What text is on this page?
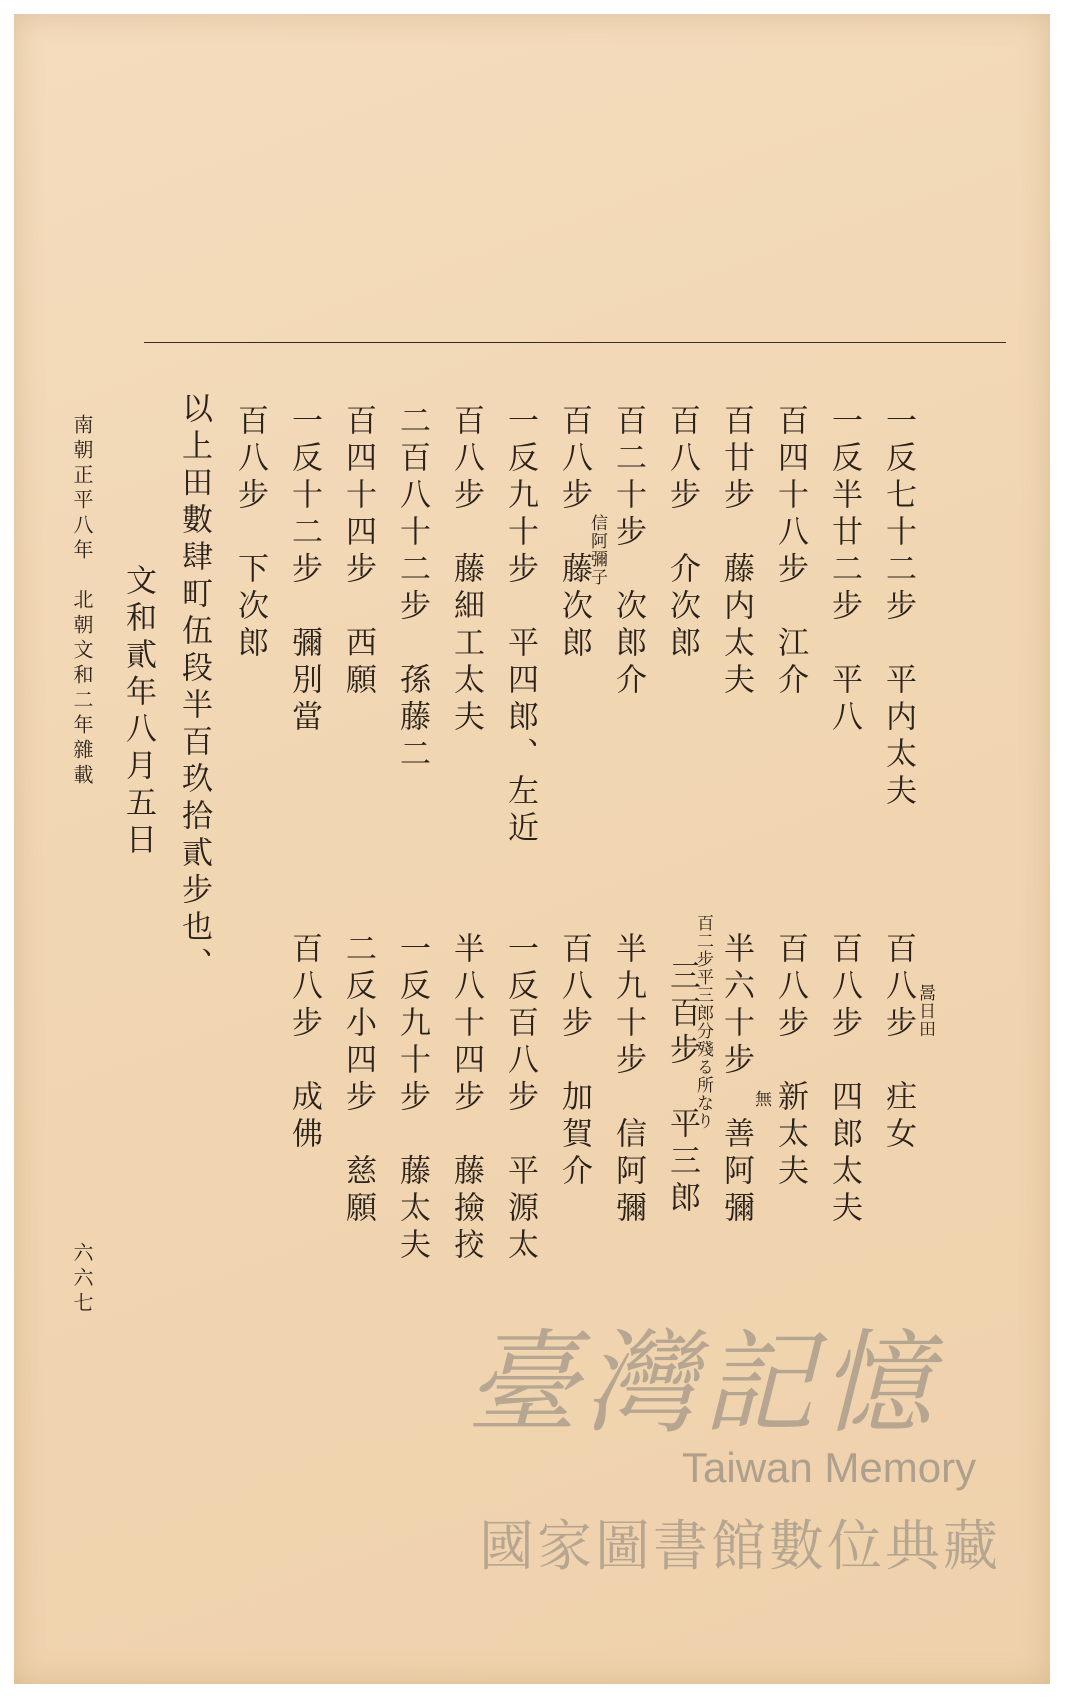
一反七十二步　平内太夫
一反半廿二步　平八
百四十八步　江介
百廿步　藤内太夫
百八步　介次郎
百二十步　次郎介
信阿彌子
百八步　藤次郎
一反九十步　平四郎、左近
百八步　藤細工太夫
二百八十二步　孫藤二
百四十四步　西願
一反十二步　彌別當
百八步　下次郎
以上田數肆町伍段半百玖拾貳步也、
文和貳年八月五日
南朝正平八年　北朝文和二年雜載
六六七
百八步　㽵女 暠日田
百八步　四郎太夫
百八步　新太夫
無
半六十步　善阿彌
百二步平三郎分殘る所なり
三百步　平三郎
半九十步　信阿彌
百八步　加賀介
一反百八步　平源太
半八十四步　藤撿挍
一反九十步　藤太夫
二反小四步　慈願
百八步　成佛
臺灣記憶
Taiwan Memory
國家圖書館數位典藏
